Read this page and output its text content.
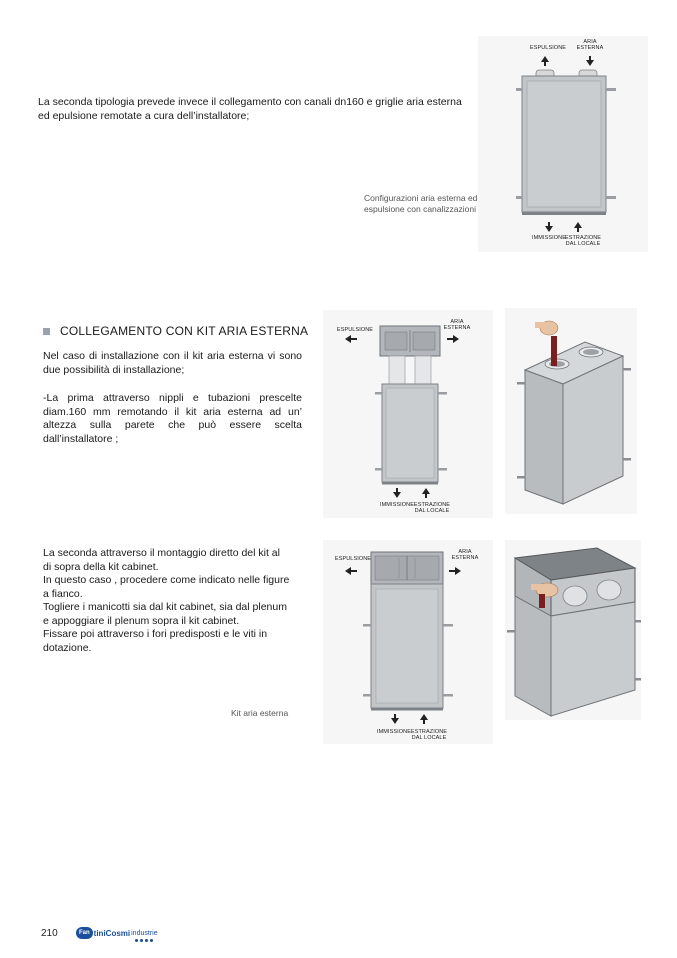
La seconda tipologia prevede invece il collegamento con canali dn160 e griglie aria esterna
ed epulsione remotate a cura dell’installatore;
Configurazioni aria esterna ed
espulsione con canalizzazioni
ESPULSIONE
ARIA
ESTERNA
IMMISSIONE
ESTRAZIONE
DAL LOCALE
COLLEGAMENTO CON KIT ARIA ESTERNA
Nel caso di installazione con il kit aria esterna vi sono due possibilità di installazione;
-La prima attraverso nippli e tubazioni prescelte diam.160 mm remotando il kit aria esterna ad un’ altezza sulla parete che può essere scelta dall’installatore ;
ESPULSIONE
ARIA
ESTERNA
IMMISSIONE ESTRAZIONE
DAL LOCALE
La seconda attraverso il montaggio diretto del kit al
di sopra della kit cabinet.
In questo caso , procedere come indicato nelle figure
a fianco.
Togliere i manicotti sia dal kit cabinet, sia dal plenum
e appoggiare il plenum sopra il kit cabinet.
Fissare poi attraverso i fori predisposti e le viti in
dotazione.
Kit aria esterna
ESPULSIONE
ARIA
ESTERNA
IMMISSIONE ESTRAZIONE
DAL LOCALE
210	Fan tiniCosmi industrie
